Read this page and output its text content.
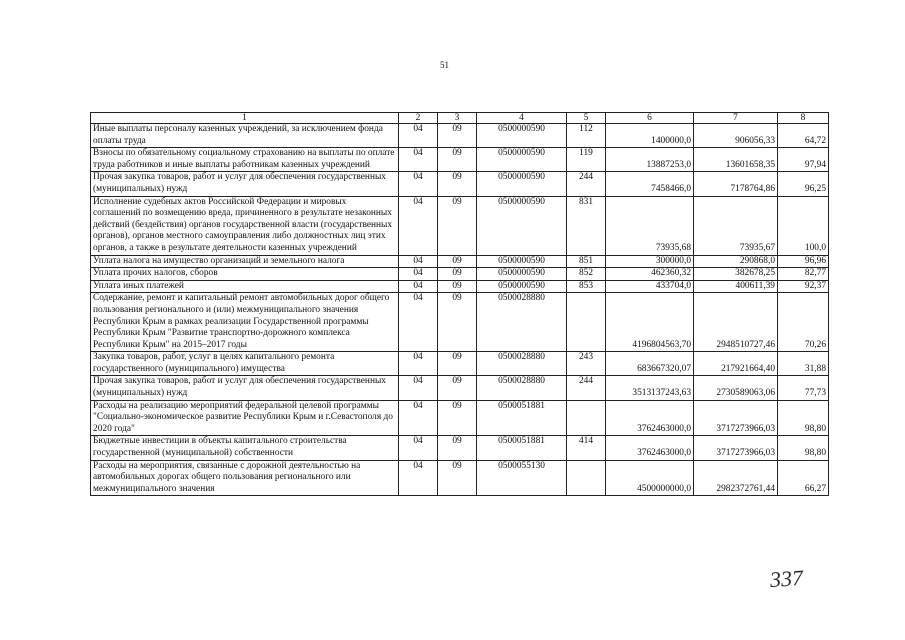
51
1	2	3	4	5	6	7	8
Иные выплаты персоналу казенных учреждений, за исключением фонда оплаты труда	04	09	0500000590	112	1400000,0	906056,33	64,72
Взносы по обязательному социальному страхованию на выплаты по оплате труда работников и иные выплаты работникам казенных учреждений	04	09	0500000590	119	13887253,0	13601658,35	97,94
Прочая закупка товаров, работ и услуг для обеспечения государственных (муниципальных) нужд	04	09	0500000590	244	7458466,0	7178764,86	96,25
Исполнение судебных актов Российской Федерации и мировых соглашений по возмещению вреда, причиненного в результате незаконных действий (бездействия) органов государственной власти (государственных органов), органов местного самоуправления либо должностных лиц этих органов, а также в результате деятельности казенных учреждений	04	09	0500000590	831	73935,68	73935,67	100,0
Уплата налога на имущество организаций и земельного налога	04	09	0500000590	851	300000,0	290868,0	96,96
Уплата прочих налогов, сборов	04	09	0500000590	852	462360,32	382678,25	82,77
Уплата иных платежей	04	09	0500000590	853	433704,0	400611,39	92,37
Содержание, ремонт и капитальный ремонт автомобильных дорог общего пользования регионального и (или) межмуниципального значения Республики Крым в рамках реализации Государственной программы Республики Крым "Развитие транспортно-дорожного комплекса Республики Крым" на 2015–2017 годы	04	09	0500028880		4196804563,70	2948510727,46	70,26
Закупка товаров, работ, услуг в целях капитального ремонта государственного (муниципального) имущества	04	09	0500028880	243	683667320,07	217921664,40	31,88
Прочая закупка товаров, работ и услуг для обеспечения государственных (муниципальных) нужд	04	09	0500028880	244	3513137243,63	2730589063,06	77,73
Расходы на реализацию мероприятий федеральной целевой программы "Социально-экономическое развитие Республики Крым и г.Севастополя до 2020 года"	04	09	0500051881		3762463000,0	3717273966,03	98,80
Бюджетные инвестиции в объекты капитального строительства государственной (муниципальной) собственности	04	09	0500051881	414	3762463000,0	3717273966,03	98,80
Расходы на мероприятия, связанные с дорожной деятельностью на автомобильных дорогах общего пользования регионального или межмуниципального значения	04	09	0500055130		4500000000,0	2982372761,44	66,27
337
